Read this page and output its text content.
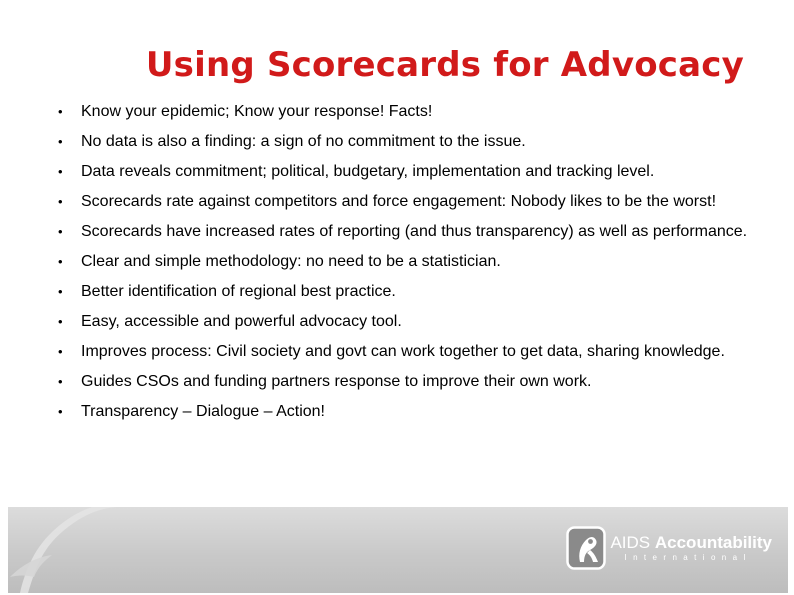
Using Scorecards for Advocacy
• Know your epidemic; Know your response! Facts!
• No data is also a finding: a sign of no commitment to the issue.
• Data reveals commitment; political, budgetary, implementation and tracking level.
• Scorecards rate against competitors and force engagement: Nobody likes to be the worst!
• Scorecards have increased rates of reporting (and thus transparency) as well as performance.
• Clear and simple methodology: no need to be a statistician.
• Better identification of regional best practice.
• Easy, accessible and powerful advocacy tool.
• Improves process: Civil society and govt can work together to get data, sharing knowledge.
• Guides CSOs and funding partners response to improve their own work.
• Transparency – Dialogue – Action!
AIDS Accountability
International
